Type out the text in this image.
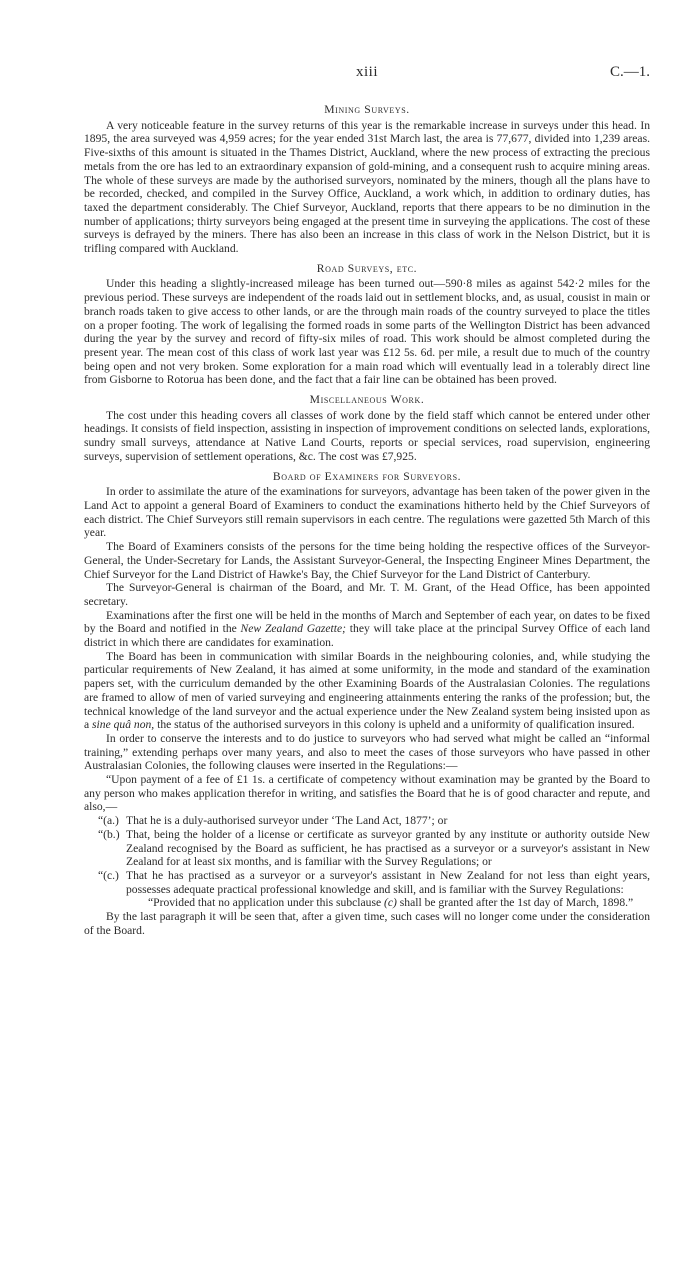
xiii	C.—1.
Mining Surveys.

A very noticeable feature in the survey returns of this year is the remarkable increase in surveys under this head. In 1895, the area surveyed was 4,959 acres; for the year ended 31st March last, the area is 77,677, divided into 1,239 areas. Five-sixths of this amount is situated in the Thames District, Auckland, where the new process of extracting the precious metals from the ore has led to an extraordinary expansion of gold-mining, and a consequent rush to acquire mining areas. The whole of these surveys are made by the authorised surveyors, nominated by the miners, though all the plans have to be recorded, checked, and compiled in the Survey Office, Auckland, a work which, in addition to ordinary duties, has taxed the department considerably. The Chief Surveyor, Auckland, reports that there appears to be no diminution in the number of applications; thirty surveyors being engaged at the present time in surveying the applications. The cost of these surveys is defrayed by the miners. There has also been an increase in this class of work in the Nelson District, but it is trifling compared with Auckland.

Road Surveys, etc.

Under this heading a slightly-increased mileage has been turned out—590·8 miles as against 542·2 miles for the previous period. These surveys are independent of the roads laid out in settlement blocks, and, as usual, cousist in main or branch roads taken to give access to other lands, or are the through main roads of the country surveyed to place the titles on a proper footing. The work of legalising the formed roads in some parts of the Wellington District has been advanced during the year by the survey and record of fifty-six miles of road. This work should be almost completed during the present year. The mean cost of this class of work last year was £12 5s. 6d. per mile, a result due to much of the country being open and not very broken. Some exploration for a main road which will eventually lead in a tolerably direct line from Gisborne to Rotorua has been done, and the fact that a fair line can be obtained has been proved.

Miscellaneous Work.

The cost under this heading covers all classes of work done by the field staff which cannot be entered under other headings. It consists of field inspection, assisting in inspection of improvement conditions on selected lands, explorations, sundry small surveys, attendance at Native Land Courts, reports or special services, road supervision, engineering surveys, supervision of settlement operations, &c. The cost was £7,925.

Board of Examiners for Surveyors.

In order to assimilate the ature of the examinations for surveyors, advantage has been taken of the power given in the Land Act to appoint a general Board of Examiners to conduct the examinations hitherto held by the Chief Surveyors of each district. The Chief Surveyors still remain supervisors in each centre. The regulations were gazetted 5th March of this year.

The Board of Examiners consists of the persons for the time being holding the respective offices of the Surveyor-General, the Under-Secretary for Lands, the Assistant Surveyor-General, the Inspecting Engineer Mines Department, the Chief Surveyor for the Land District of Hawke's Bay, the Chief Surveyor for the Land District of Canterbury.

The Surveyor-General is chairman of the Board, and Mr. T. M. Grant, of the Head Office, has been appointed secretary.

Examinations after the first one will be held in the months of March and September of each year, on dates to be fixed by the Board and notified in the New Zealand Gazette; they will take place at the principal Survey Office of each land district in which there are candidates for examination.

The Board has been in communication with similar Boards in the neighbouring colonies, and, while studying the particular requirements of New Zealand, it has aimed at some uniformity, in the mode and standard of the examination papers set, with the curriculum demanded by the other Examining Boards of the Australasian Colonies. The regulations are framed to allow of men of varied surveying and engineering attainments entering the ranks of the profession; but, the technical knowledge of the land surveyor and the actual experience under the New Zealand system being insisted upon as a sine quâ non, the status of the authorised surveyors in this colony is upheld and a uniformity of qualification insured.

In order to conserve the interests and to do justice to surveyors who had served what might be called an “informal training,” extending perhaps over many years, and also to meet the cases of those surveyors who have passed in other Australasian Colonies, the following clauses were inserted in the Regulations:—

“Upon payment of a fee of £1 1s. a certificate of competency without examination may be granted by the Board to any person who makes application therefor in writing, and satisfies the Board that he is of good character and repute, and also,—

“(a.) That he is a duly-authorised surveyor under ‘The Land Act, 1877’; or

“(b.) That, being the holder of a license or certificate as surveyor granted by any institute or authority outside New Zealand recognised by the Board as sufficient, he has practised as a surveyor or a surveyor's assistant in New Zealand for at least six months, and is familiar with the Survey Regulations; or

“(c.) That he has practised as a surveyor or a surveyor's assistant in New Zealand for not less than eight years, possesses adequate practical professional knowledge and skill, and is familiar with the Survey Regulations:

“Provided that no application under this subclause (c) shall be granted after the 1st day of March, 1898.”

By the last paragraph it will be seen that, after a given time, such cases will no longer come under the consideration of the Board.
